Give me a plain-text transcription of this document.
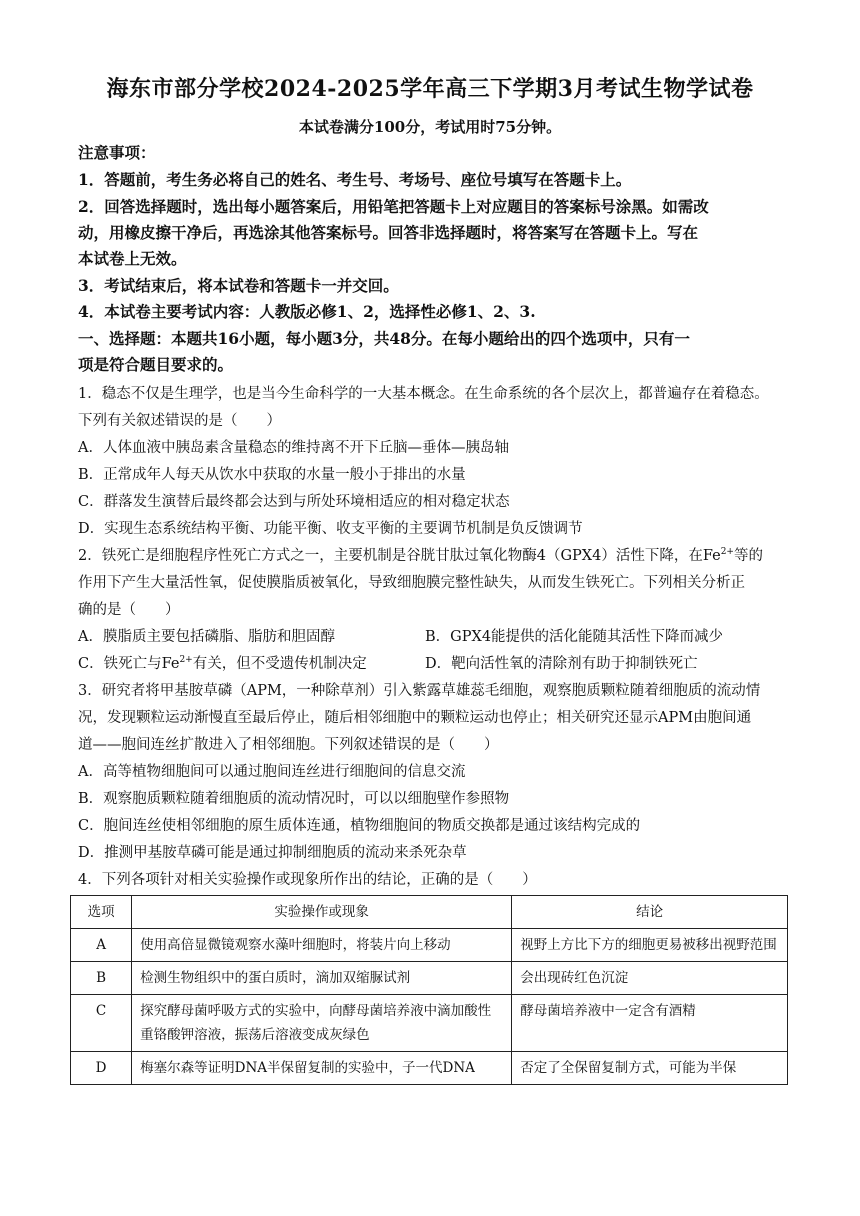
海东市部分学校2024-2025学年高三下学期3月考试生物学试卷
本试卷满分100分，考试用时75分钟。
注意事项：
1．答题前，考生务必将自己的姓名、考生号、考场号、座位号填写在答题卡上。
2．回答选择题时，选出每小题答案后，用铅笔把答题卡上对应题目的答案标号涂黑。如需改
动，用橡皮擦干净后，再选涂其他答案标号。回答非选择题时，将答案写在答题卡上。写在
本试卷上无效。
3．考试结束后，将本试卷和答题卡一并交回。
4．本试卷主要考试内容：人教版必修1、2，选择性必修1、2、3.
一、选择题：本题共16小题，每小题3分，共48分。在每小题给出的四个选项中，只有一
项是符合题目要求的。
1．稳态不仅是生理学，也是当今生命科学的一大基本概念。在生命系统的各个层次上，都普遍存在着稳态。
下列有关叙述错误的是（　　）
A．人体血液中胰岛素含量稳态的维持离不开下丘脑—垂体—胰岛轴
B．正常成年人每天从饮水中获取的水量一般小于排出的水量
C．群落发生演替后最终都会达到与所处环境相适应的相对稳定状态
D．实现生态系统结构平衡、功能平衡、收支平衡的主要调节机制是负反馈调节
2．铁死亡是细胞程序性死亡方式之一，主要机制是谷胱甘肽过氧化物酶4（GPX4）活性下降，在$Fe^{2+}$等的
作用下产生大量活性氧，促使膜脂质被氧化，导致细胞膜完整性缺失，从而发生铁死亡。下列相关分析正
确的是（　　）
A．膜脂质主要包括磷脂、脂肪和胆固醇	B．GPX4能提供的活化能随其活性下降而减少
C．铁死亡与$Fe^{2+}$有关，但不受遗传机制决定	D．靶向活性氧的清除剂有助于抑制铁死亡
3．研究者将甲基胺草磷（APM，一种除草剂）引入紫露草雄蕊毛细胞，观察胞质颗粒随着细胞质的流动情
况，发现颗粒运动渐慢直至最后停止，随后相邻细胞中的颗粒运动也停止；相关研究还显示APM由胞间通
道——胞间连丝扩散进入了相邻细胞。下列叙述错误的是（　　）
A．高等植物细胞间可以通过胞间连丝进行细胞间的信息交流
B．观察胞质颗粒随着细胞质的流动情况时，可以以细胞壁作参照物
C．胞间连丝使相邻细胞的原生质体连通，植物细胞间的物质交换都是通过该结构完成的
D．推测甲基胺草磷可能是通过抑制细胞质的流动来杀死杂草
4．下列各项针对相关实验操作或现象所作出的结论，正确的是（　　）
选项	实验操作或现象	结论
A	使用高倍显微镜观察水藻叶细胞时，将装片向上移动	视野上方比下方的细胞更易被移出视野范围
B	检测生物组织中的蛋白质时，滴加双缩脲试剂	会出现砖红色沉淀
C	探究酵母菌呼吸方式的实验中，向酵母菌培养液中滴加酸性重铬酸钾溶液，振荡后溶液变成灰绿色	酵母菌培养液中一定含有酒精
D	梅塞尔森等证明DNA半保留复制的实验中，子一代DNA	否定了全保留复制方式，可能为半保
